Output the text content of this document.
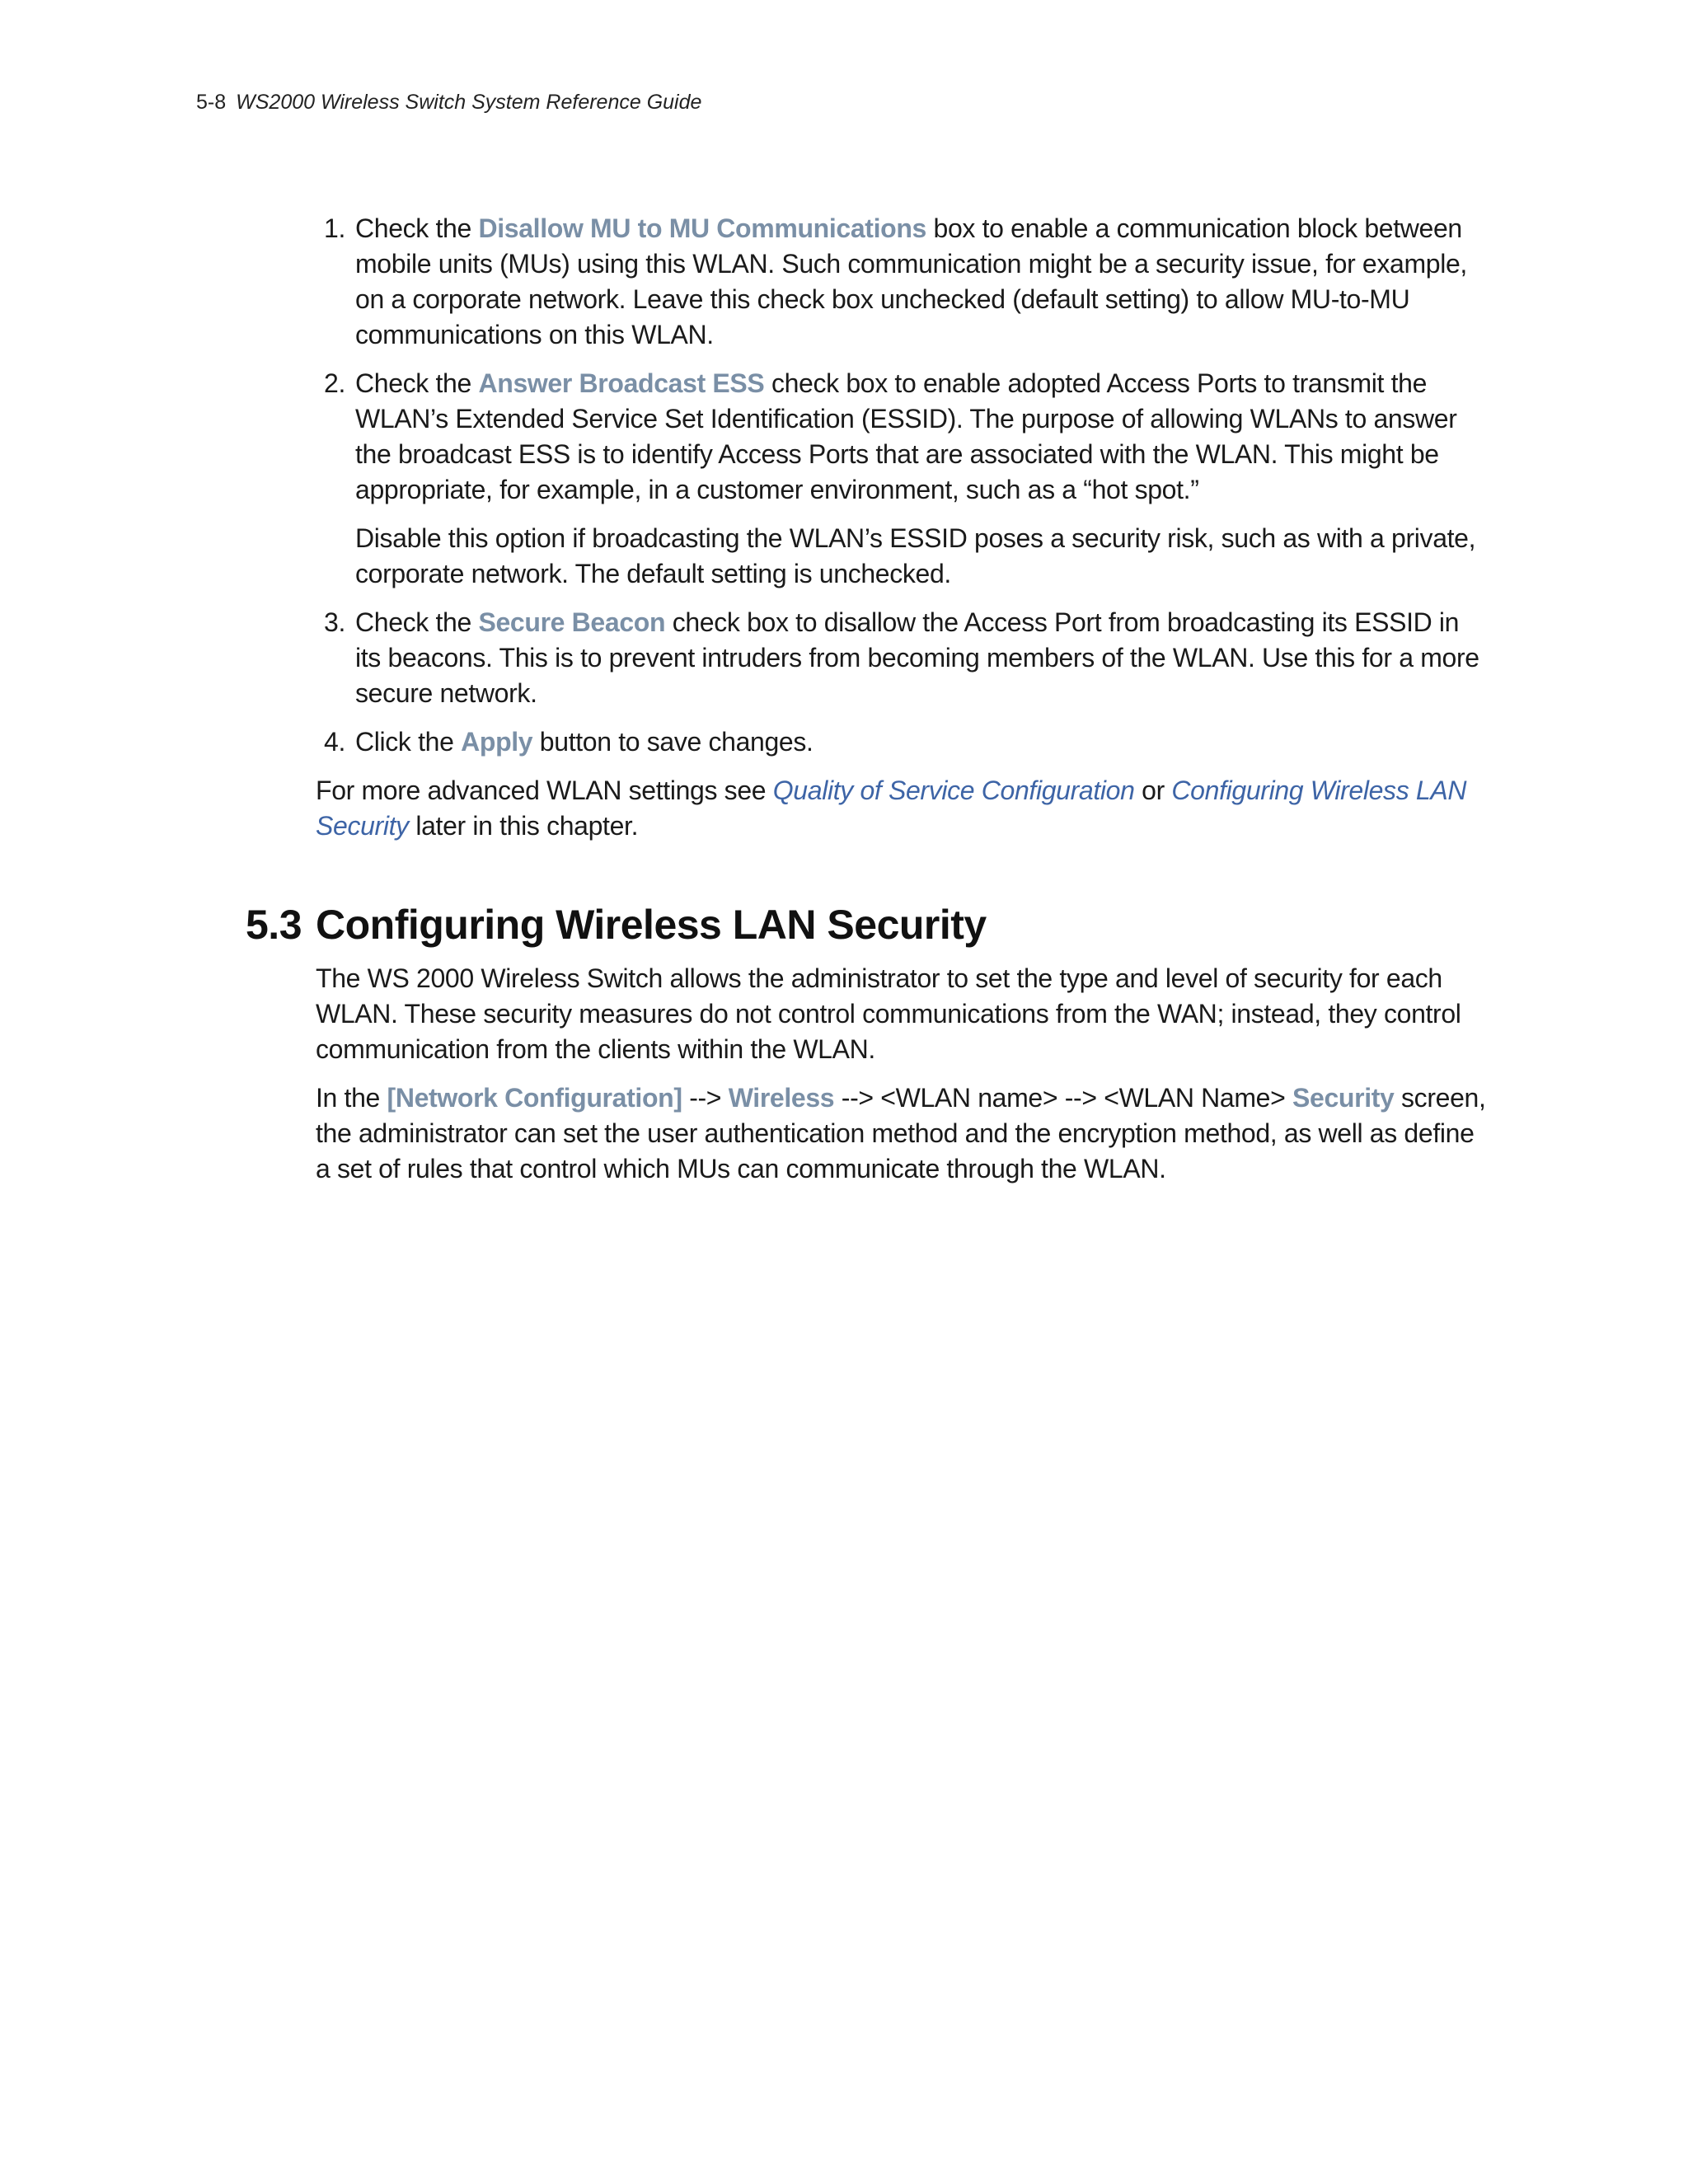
5-8 WS2000 Wireless Switch System Reference Guide
1. Check the Disallow MU to MU Communications box to enable a communication block between mobile units (MUs) using this WLAN. Such communication might be a security issue, for example, on a corporate network. Leave this check box unchecked (default setting) to allow MU-to-MU communications on this WLAN.

2. Check the Answer Broadcast ESS check box to enable adopted Access Ports to transmit the WLAN’s Extended Service Set Identification (ESSID). The purpose of allowing WLANs to answer the broadcast ESS is to identify Access Ports that are associated with the WLAN. This might be appropriate, for example, in a customer environment, such as a “hot spot.”

Disable this option if broadcasting the WLAN’s ESSID poses a security risk, such as with a private, corporate network. The default setting is unchecked.

3. Check the Secure Beacon check box to disallow the Access Port from broadcasting its ESSID in its beacons. This is to prevent intruders from becoming members of the WLAN. Use this for a more secure network.

4. Click the Apply button to save changes.

For more advanced WLAN settings see Quality of Service Configuration or Configuring Wireless LAN Security later in this chapter.

5.3 Configuring Wireless LAN Security

The WS 2000 Wireless Switch allows the administrator to set the type and level of security for each WLAN. These security measures do not control communications from the WAN; instead, they control communication from the clients within the WLAN.

In the [Network Configuration] --> Wireless --> <WLAN name> --> <WLAN Name> Security screen, the administrator can set the user authentication method and the encryption method, as well as define a set of rules that control which MUs can communicate through the WLAN.
